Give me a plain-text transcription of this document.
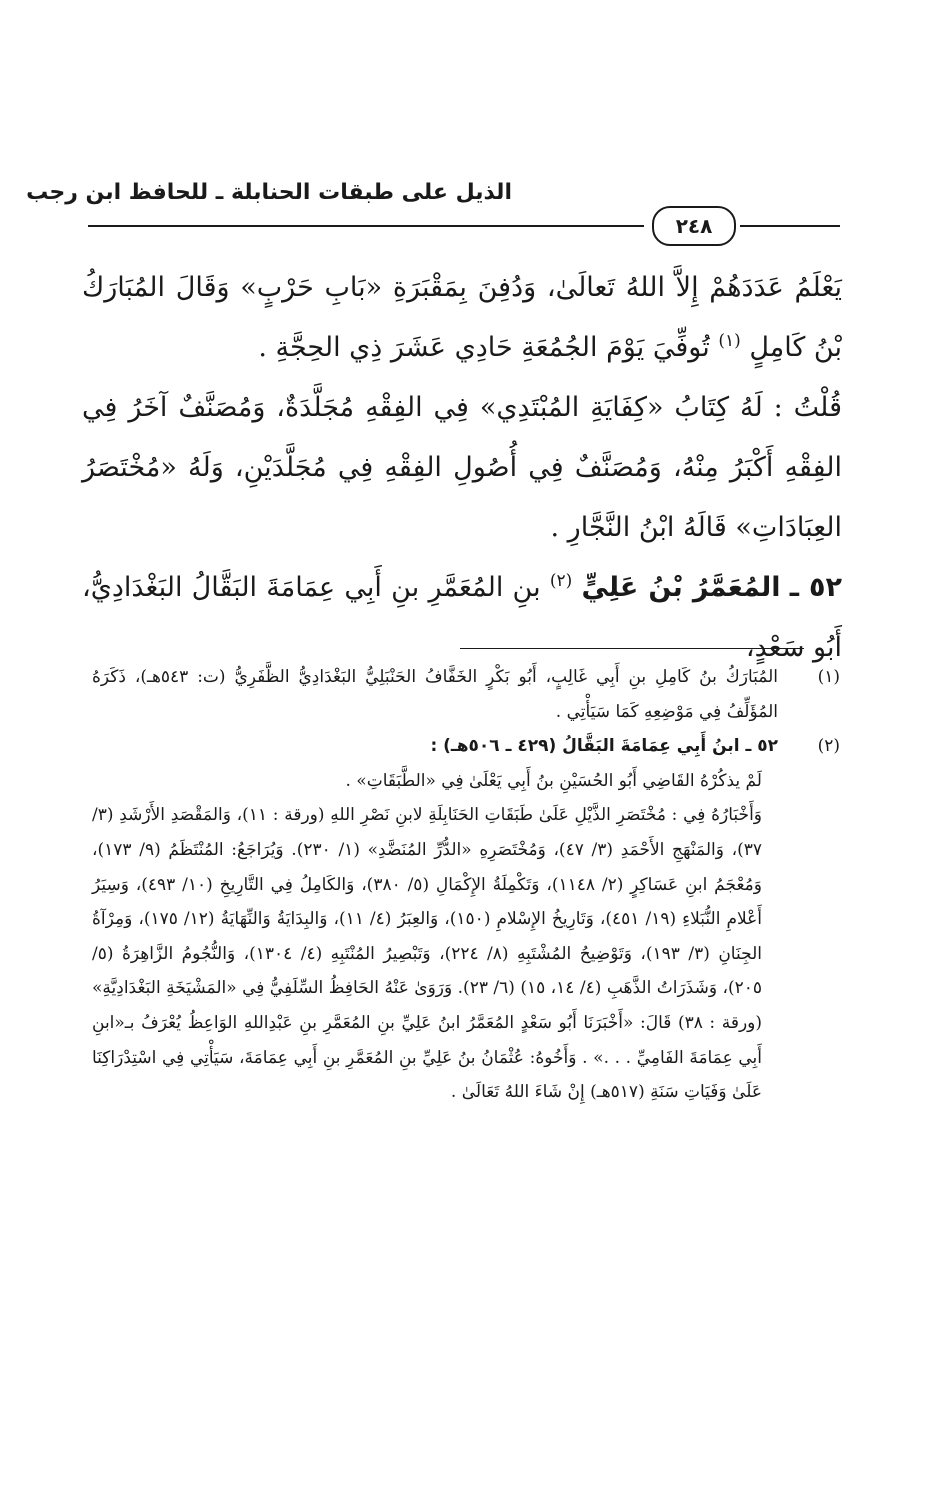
الذيل على طبقات الحنابلة ـ للحافظ ابن رجب
٢٤٨

يَعْلَمُ عَدَدَهُمْ إِلاَّ اللهُ تَعالَىٰ، وَدُفِنَ بِمَقْبَرَةِ «بَابِ حَرْبٍ» وَقَالَ المُبَارَكُ بْنُ كَامِلٍ $^{(١)}$ تُوفِّيَ يَوْمَ الجُمُعَةِ حَادِي عَشَرَ ذِي الحِجَّةِ .

قُلْتُ : لَهُ كِتَابُ «كِفَايَةِ المُبْتَدِي» فِي الفِقْهِ مُجَلَّدَةٌ، وَمُصَنَّفٌ آخَرُ فِي الفِقْهِ أَكْبَرُ مِنْهُ، وَمُصَنَّفٌ فِي أُصُولِ الفِقْهِ فِي مُجَلَّدَيْنِ، وَلَهُ «مُخْتَصَرُ العِبَادَاتِ» قَالَهُ ابْنُ النَّجَّارِ .

٥٢ ـ المُعَمَّرُ بْنُ عَلِيٍّ $^{(٢)}$ بنِ المُعَمَّرِ بنِ أَبِي عِمَامَةَ البَقَّالُ البَغْدَادِيُّ، أَبُو سَعْدٍ،

(١)

المُبَارَكُ بنُ كَامِلِ بنِ أَبِي غَالِبٍ، أَبُو بَكْرٍ الخَفَّافُ الحَنْبَلِيُّ البَغْدَادِيُّ الظَّفَرِيُّ (ت: ٥٤٣هـ)، ذَكَرَهُ المُؤَلِّفُ فِي مَوْضِعِهِ كَمَا سَيَأْتِي .

(٢)

٥٢ ـ ابنُ أَبِي عِمَامَةَ البَقَّالُ (٤٢٩ ـ ٥٠٦هـ) :

لَمْ يذكُرْهُ القَاضِي أَبُو الحُسَيْنِ بنُ أَبِي يَعْلَىٰ فِي «الطَّبَقَاتِ» .

وَأَخْبَارُهُ فِي : مُخْتَصَرِ الذَّيْلِ عَلَىٰ طَبَقَاتِ الحَنَابِلَةِ لابنِ نَصْرِ اللهِ (ورقة : ١١)، وَالمَقْصَدِ الأَرْشَدِ (٣/ ٣٧)، وَالمَنْهَجِ الأَحْمَدِ (٣/ ٤٧)، وَمُخْتَصَرِهِ «الدُّرِّ المُنَضَّدِ» (١/ ٢٣٠). وَيُرَاجَعُ: المُنْتَظَمُ (٩/ ١٧٣)، وَمُعْجَمُ ابنِ عَسَاكِرٍ (٢/ ١١٤٨)، وَتَكْمِلَةُ الإِكْمَالِ (٥/ ٣٨٠)، وَالكَامِلُ فِي التَّارِيخِ (١٠/ ٤٩٣)، وَسِيَرُ أَعْلامِ النُّبَلاءِ (١٩/ ٤٥١)، وَتَارِيخُ الإِسْلامِ (١٥٠)، وَالعِبَرُ (٤/ ١١)، وَالبِدَايَةُ وَالنِّهَايَةُ (١٢/ ١٧٥)، وَمِرْآةُ الجِنَانِ (٣/ ١٩٣)، وَتَوْضِيحُ المُشْتَبِهِ (٨/ ٢٢٤)، وَتَبْصِيرُ المُنْتَبِهِ (٤/ ١٣٠٤)، وَالنُّجُومُ الزَّاهِرَةُ (٥/ ٢٠٥)، وَشَذَرَاتُ الذَّهَبِ (٤/ ١٤، ١٥) (٦/ ٢٣). وَرَوَىٰ عَنْهُ الحَافِظُ السِّلَفِيُّ فِي «المَشْيَخَةِ البَغْدَادِيَّةِ» (ورقة : ٣٨) قَالَ: «أَخْبَرَنَا أَبُو سَعْدٍ المُعَمَّرُ ابنُ عَلِيِّ بنِ المُعَمَّرِ بنِ عَبْدِاللهِ الوَاعِظُ يُعْرَفُ بـ«ابنِ أَبِي عِمَامَةَ الفَامِيِّ . . .» . وَأَخُوهُ: عُثْمَانُ بنُ عَلِيِّ بنِ المُعَمَّرِ بنِ أَبِي عِمَامَةَ، سَيَأْتِي فِي اسْتِدْرَاكِنَا عَلَىٰ وَفَيَاتِ سَنَةِ (٥١٧هـ) إِنْ شَاءَ اللهُ تَعَالَىٰ .
